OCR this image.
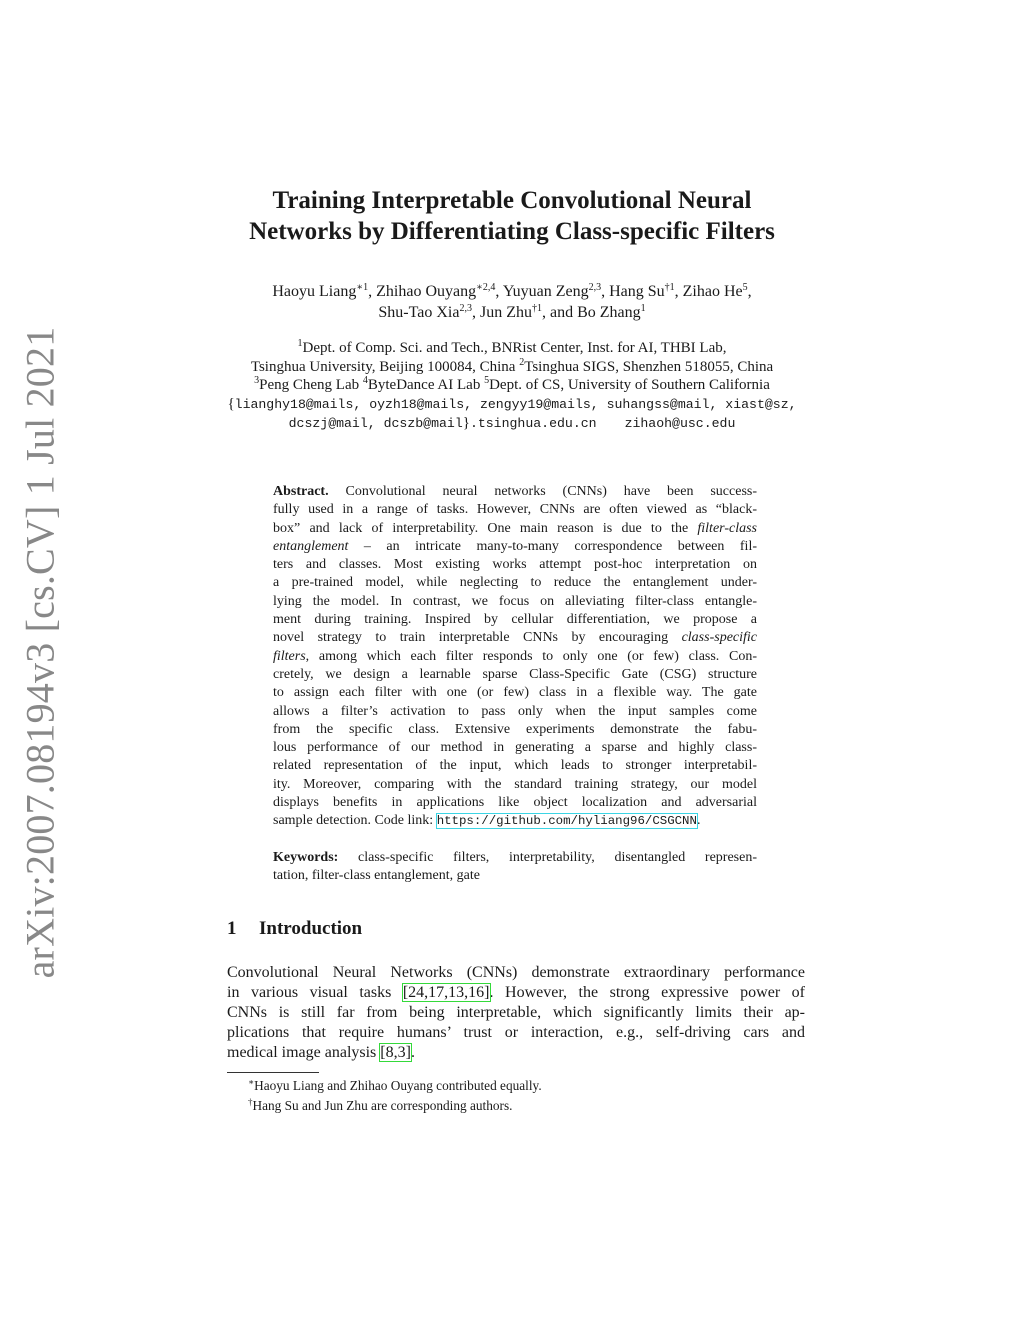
arXiv:2007.08194v3 [cs.CV] 1 Jul 2021
Training Interpretable Convolutional Neural
Networks by Differentiating Class-specific Filters
Haoyu Liang$^{∗1}$, Zhihao Ouyang$^{∗2,4}$, Yuyuan Zeng$^{2,3}$, Hang Su$^{\dagger 1}$, Zihao He$^5$,
Shu-Tao Xia$^{2,3}$, Jun Zhu$^{\dagger 1}$, and Bo Zhang$^1$
$^1$Dept. of Comp. Sci. and Tech., BNRist Center, Inst. for AI, THBI Lab,
Tsinghua University, Beijing 100084, China $^2$Tsinghua SIGS, Shenzhen 518055, China
$^3$Peng Cheng Lab $^4$ByteDance AI Lab $^5$Dept. of CS, University of Southern California
{lianghy18@mails, oyzh18@mails, zengyy19@mails, suhangss@mail, xiast@sz,
dcszj@mail, dcszb@mail}.tsinghua.edu.cn zihaoh@usc.edu
Abstract. Convolutional neural networks (CNNs) have been success-
fully used in a range of tasks. However, CNNs are often viewed as “black-
box” and lack of interpretability. One main reason is due to the filter-class
entanglement – an intricate many-to-many correspondence between fil-
ters and classes. Most existing works attempt post-hoc interpretation on
a pre-trained model, while neglecting to reduce the entanglement under-
lying the model. In contrast, we focus on alleviating filter-class entangle-
ment during training. Inspired by cellular differentiation, we propose a
novel strategy to train interpretable CNNs by encouraging class-specific
filters, among which each filter responds to only one (or few) class. Con-
cretely, we design a learnable sparse Class-Specific Gate (CSG) structure
to assign each filter with one (or few) class in a flexible way. The gate
allows a filter’s activation to pass only when the input samples come
from the specific class. Extensive experiments demonstrate the fabu-
lous performance of our method in generating a sparse and highly class-
related representation of the input, which leads to stronger interpretabil-
ity. Moreover, comparing with the standard training strategy, our model
displays benefits in applications like object localization and adversarial
sample detection. Code link: https://github.com/hyliang96/CSGCNN.
Keywords: class-specific filters, interpretability, disentangled represen-
tation, filter-class entanglement, gate
1 Introduction
Convolutional Neural Networks (CNNs) demonstrate extraordinary performance
in various visual tasks [24,17,13,16]. However, the strong expressive power of
CNNs is still far from being interpretable, which significantly limits their ap-
plications that require humans’ trust or interaction, e.g., self-driving cars and
medical image analysis [8,3].
∗Haoyu Liang and Zhihao Ouyang contributed equally.
†Hang Su and Jun Zhu are corresponding authors.
